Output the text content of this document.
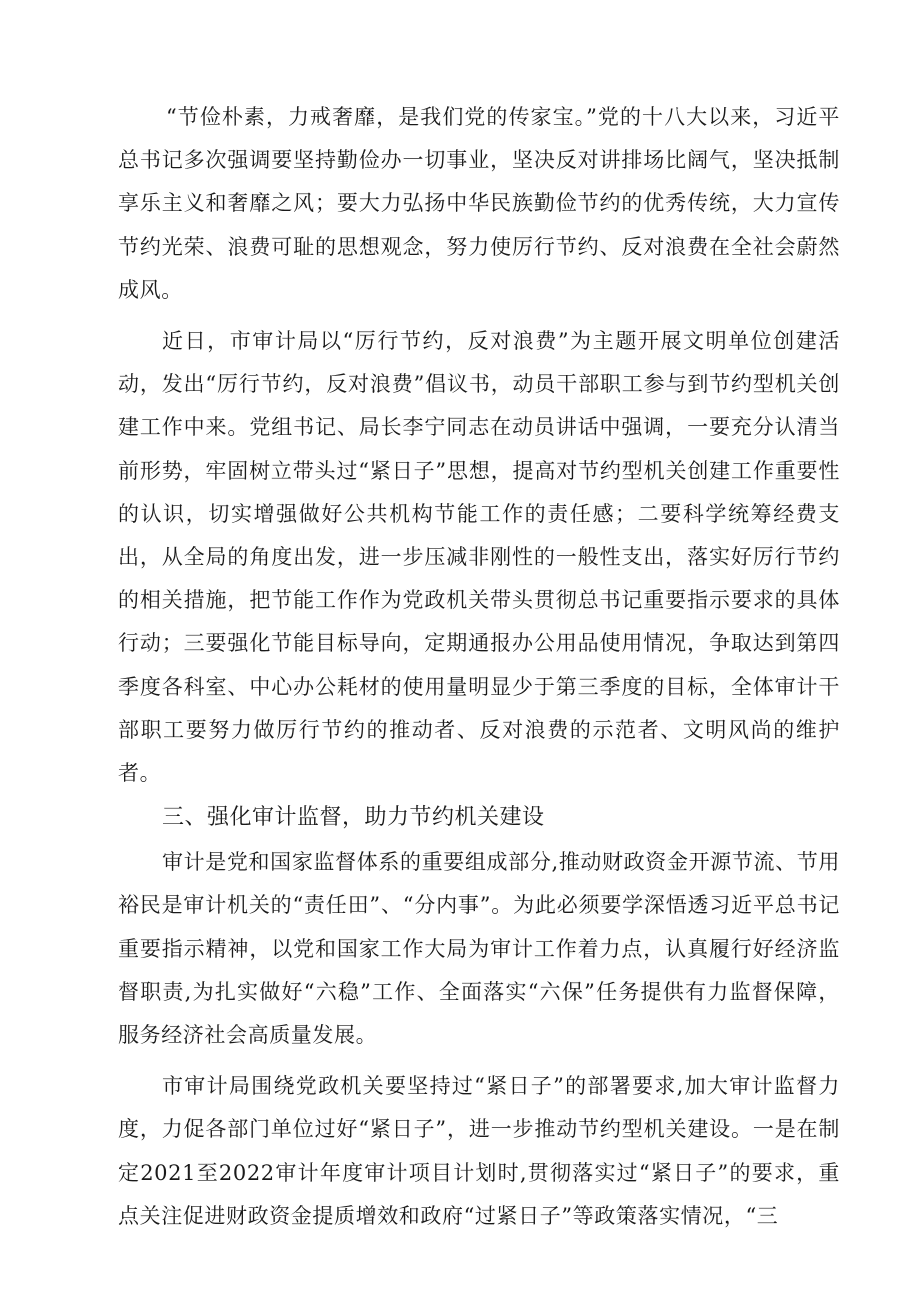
“节俭朴素，力戒奢靡，是我们党的传家宝。”党的十八大以来，习近平总书记多次强调要坚持勤俭办一切事业，坚决反对讲排场比阔气，坚决抵制享乐主义和奢靡之风；要大力弘扬中华民族勤俭节约的优秀传统，大力宣传节约光荣、浪费可耻的思想观念，努力使厉行节约、反对浪费在全社会蔚然成风。

近日，市审计局以“厉行节约，反对浪费”为主题开展文明单位创建活动，发出“厉行节约，反对浪费”倡议书，动员干部职工参与到节约型机关创建工作中来。党组书记、局长李宁同志在动员讲话中强调，一要充分认清当前形势，牢固树立带头过“紧日子”思想，提高对节约型机关创建工作重要性的认识，切实增强做好公共机构节能工作的责任感；二要科学统筹经费支出，从全局的角度出发，进一步压减非刚性的一般性支出，落实好厉行节约的相关措施，把节能工作作为党政机关带头贯彻总书记重要指示要求的具体行动；三要强化节能目标导向，定期通报办公用品使用情况，争取达到第四季度各科室、中心办公耗材的使用量明显少于第三季度的目标，全体审计干部职工要努力做厉行节约的推动者、反对浪费的示范者、文明风尚的维护者。

三、强化审计监督，助力节约机关建设

审计是党和国家监督体系的重要组成部分,推动财政资金开源节流、节用裕民是审计机关的“责任田”、“分内事”。为此必须要学深悟透习近平总书记重要指示精神，以党和国家工作大局为审计工作着力点，认真履行好经济监督职责,为扎实做好“六稳”工作、全面落实“六保”任务提供有力监督保障，服务经济社会高质量发展。

市审计局围绕党政机关要坚持过“紧日子”的部署要求,加大审计监督力度，力促各部门单位过好“紧日子”，进一步推动节约型机关建设。一是在制定2021至2022审计年度审计项目计划时,贯彻落实过“紧日子”的要求，重点关注促进财政资金提质增效和政府“过紧日子”等政策落实情况，“三
